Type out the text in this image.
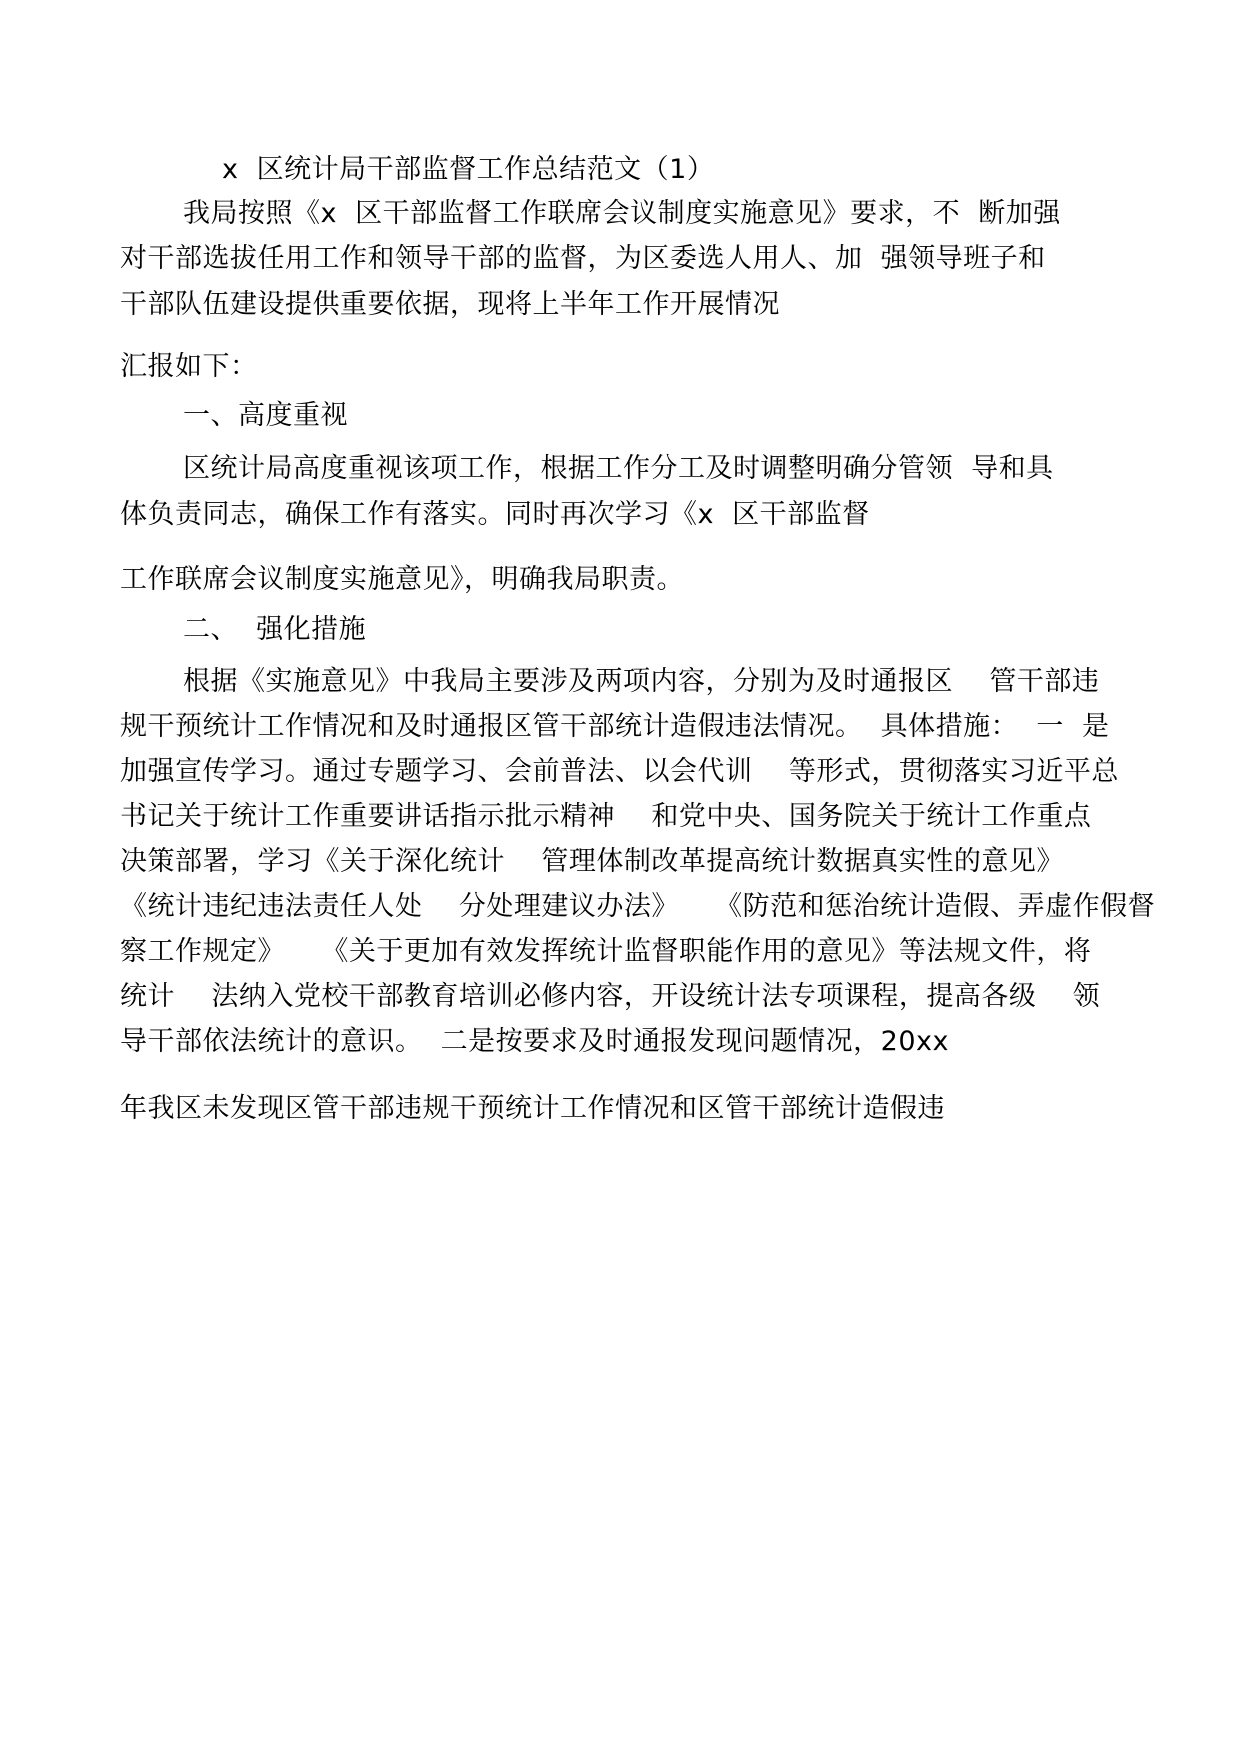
x  区统计局干部监督工作总结范文（1）
我局按照《x  区干部监督工作联席会议制度实施意见》要求，不  断加强
对干部选拔任用工作和领导干部的监督，为区委选人用人、加  强领导班子和
干部队伍建设提供重要依据，现将上半年工作开展情况
汇报如下：
一、高度重视
区统计局高度重视该项工作，根据工作分工及时调整明确分管领  导和具
体负责同志，确保工作有落实。同时再次学习《x  区干部监督
工作联席会议制度实施意见》，明确我局职责。
二、  强化措施
根据《实施意见》中我局主要涉及两项内容，分别为及时通报区    管干部违
规干预统计工作情况和及时通报区管干部统计造假违法情况。  具体措施：  一  是
加强宣传学习。通过专题学习、会前普法、以会代训    等形式，贯彻落实习近平总
书记关于统计工作重要讲话指示批示精神    和党中央、国务院关于统计工作重点
决策部署，学习《关于深化统计    管理体制改革提高统计数据真实性的意见》
《统计违纪违法责任人处    分处理建议办法》    《防范和惩治统计造假、弄虚作假督
察工作规定》    《关于更加有效发挥统计监督职能作用的意见》等法规文件，将
统计    法纳入党校干部教育培训必修内容，开设统计法专项课程，提高各级    领
导干部依法统计的意识。  二是按要求及时通报发现问题情况，20xx
年我区未发现区管干部违规干预统计工作情况和区管干部统计造假违
